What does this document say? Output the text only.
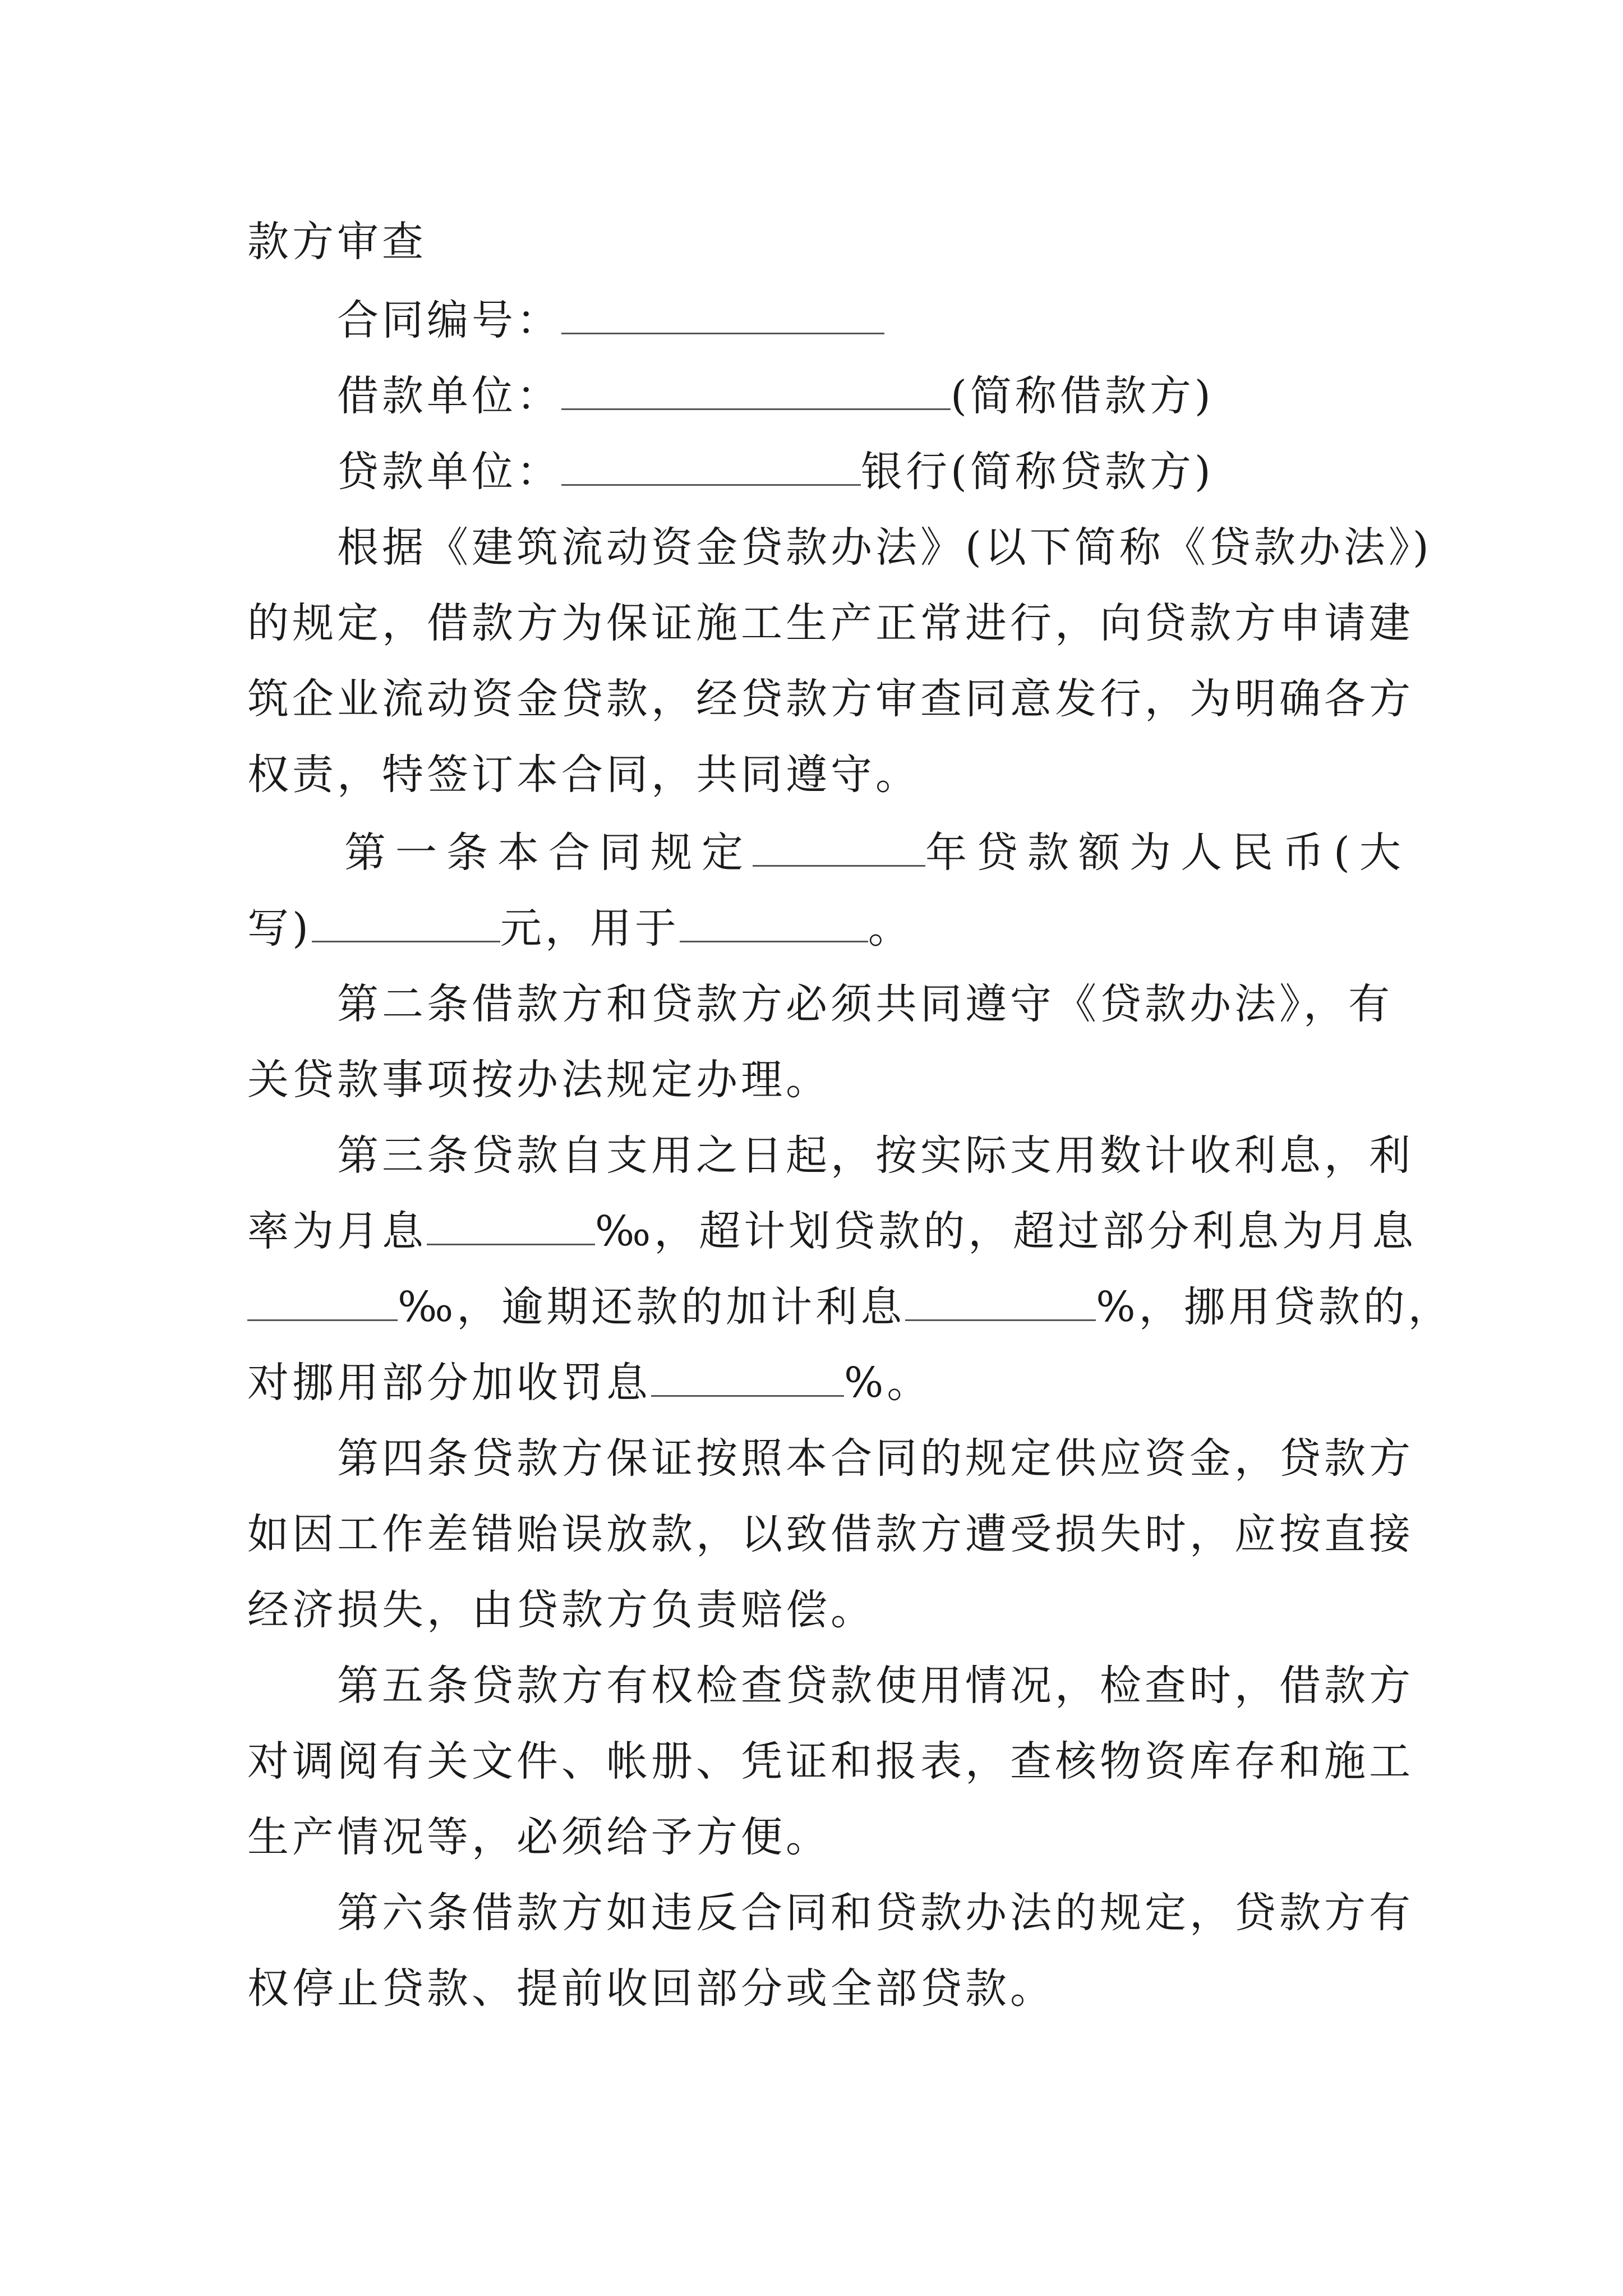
款方审查
合同编号：
借款单位：	(简称借款方)
贷款单位：	银行(简称贷款方)
根据《建筑流动资金贷款办法》(以下简称《贷款办法》)
的规定，借款方为保证施工生产正常进行，向贷款方申请建
筑企业流动资金贷款，经贷款方审查同意发行，为明确各方
权责，特签订本合同，共同遵守。
第一条本合同规定	年贷款额为人民币(大
写)	元，用于	。
第二条借款方和贷款方必须共同遵守《贷款办法》，有
关贷款事项按办法规定办理。
第三条贷款自支用之日起，按实际支用数计收利息，利
率为月息	‰，超计划贷款的，超过部分利息为月息
‰，逾期还款的加计利息	%，挪用贷款的，
对挪用部分加收罚息	%。
第四条贷款方保证按照本合同的规定供应资金，贷款方
如因工作差错贻误放款，以致借款方遭受损失时，应按直接
经济损失，由贷款方负责赔偿。
第五条贷款方有权检查贷款使用情况，检查时，借款方
对调阅有关文件、帐册、凭证和报表，查核物资库存和施工
生产情况等，必须给予方便。
第六条借款方如违反合同和贷款办法的规定，贷款方有
权停止贷款、提前收回部分或全部贷款。
